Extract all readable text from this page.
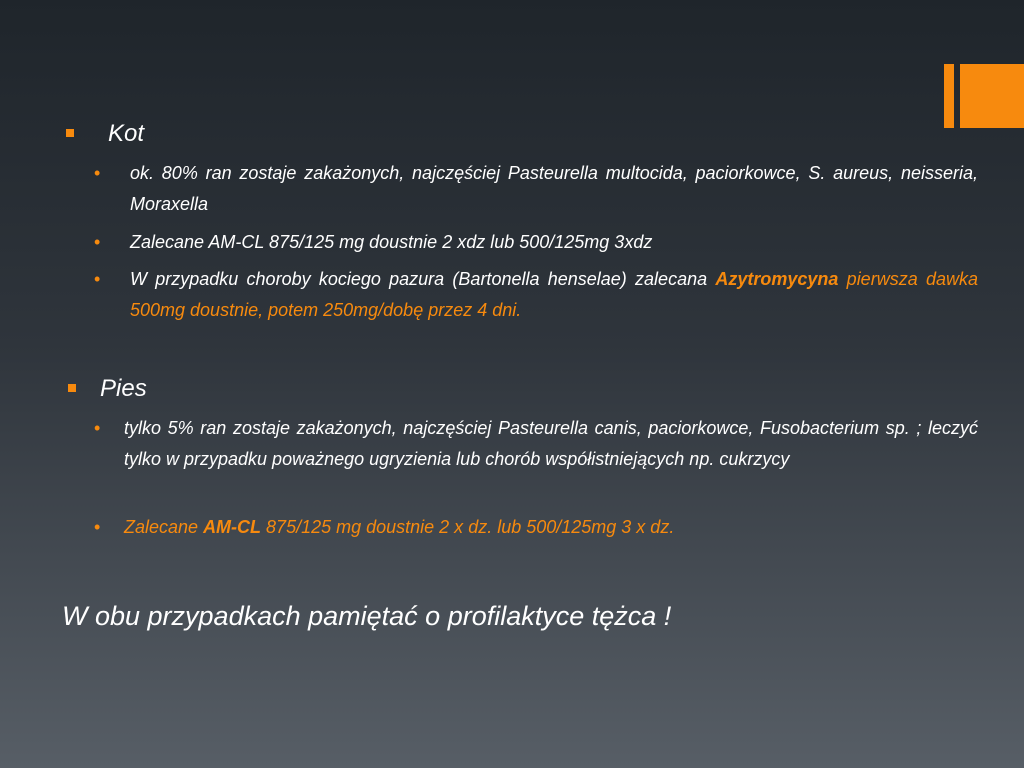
Kot
• ok. 80% ran zostaje zakażonych, najczęściej Pasteurella multocida, paciorkowce, S. aureus, neisseria, Moraxella
• Zalecane AM-CL 875/125 mg doustnie 2 xdz lub 500/125mg 3xdz
• W przypadku choroby kociego pazura (Bartonella henselae) zalecana Azytromycyna pierwsza dawka 500mg doustnie, potem 250mg/dobę przez 4 dni.
Pies
• tylko 5% ran zostaje zakażonych, najczęściej Pasteurella canis, paciorkowce, Fusobacterium sp. ; leczyć tylko w przypadku poważnego ugryzienia lub chorób współistniejących np. cukrzycy
• Zalecane AM-CL 875/125 mg doustnie 2 x dz. lub 500/125mg 3 x dz.
W obu przypadkach pamiętać o profilaktyce tężca !
